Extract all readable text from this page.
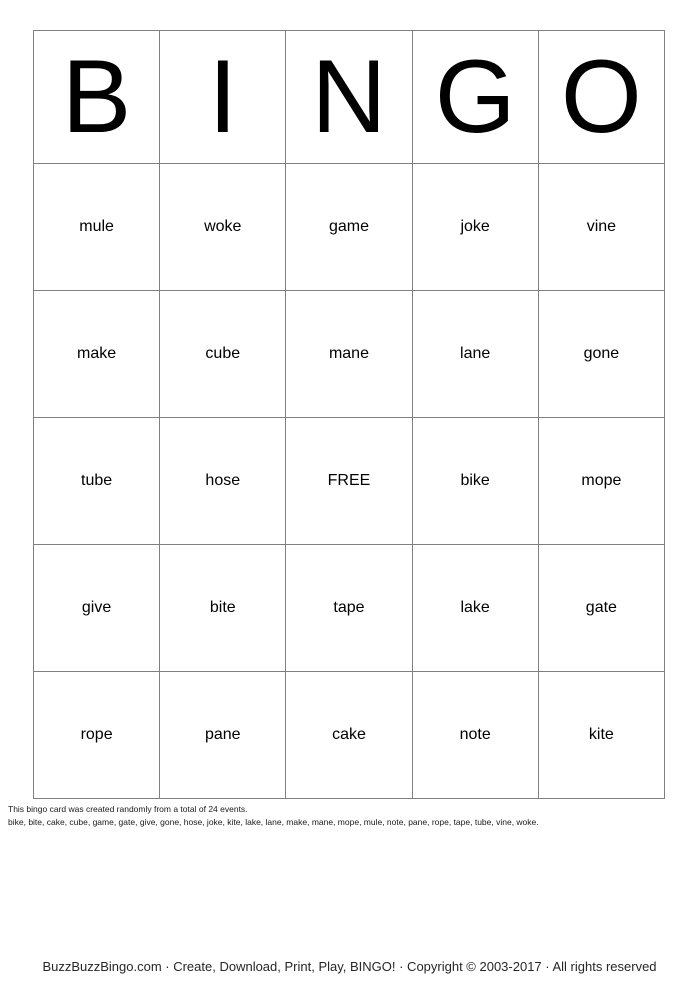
B	I	N	G	O
mule	woke	game	joke	vine
make	cube	mane	lane	gone
tube	hose	FREE	bike	mope
give	bite	tape	lake	gate
rope	pane	cake	note	kite
This bingo card was created randomly from a total of 24 events.
bike, bite, cake, cube, game, gate, give, gone, hose, joke, kite, lake, lane, make, mane, mope, mule, note, pane, rope, tape, tube, vine, woke.
BuzzBuzzBingo.com · Create, Download, Print, Play, BINGO! · Copyright © 2003-2017 · All rights reserved
